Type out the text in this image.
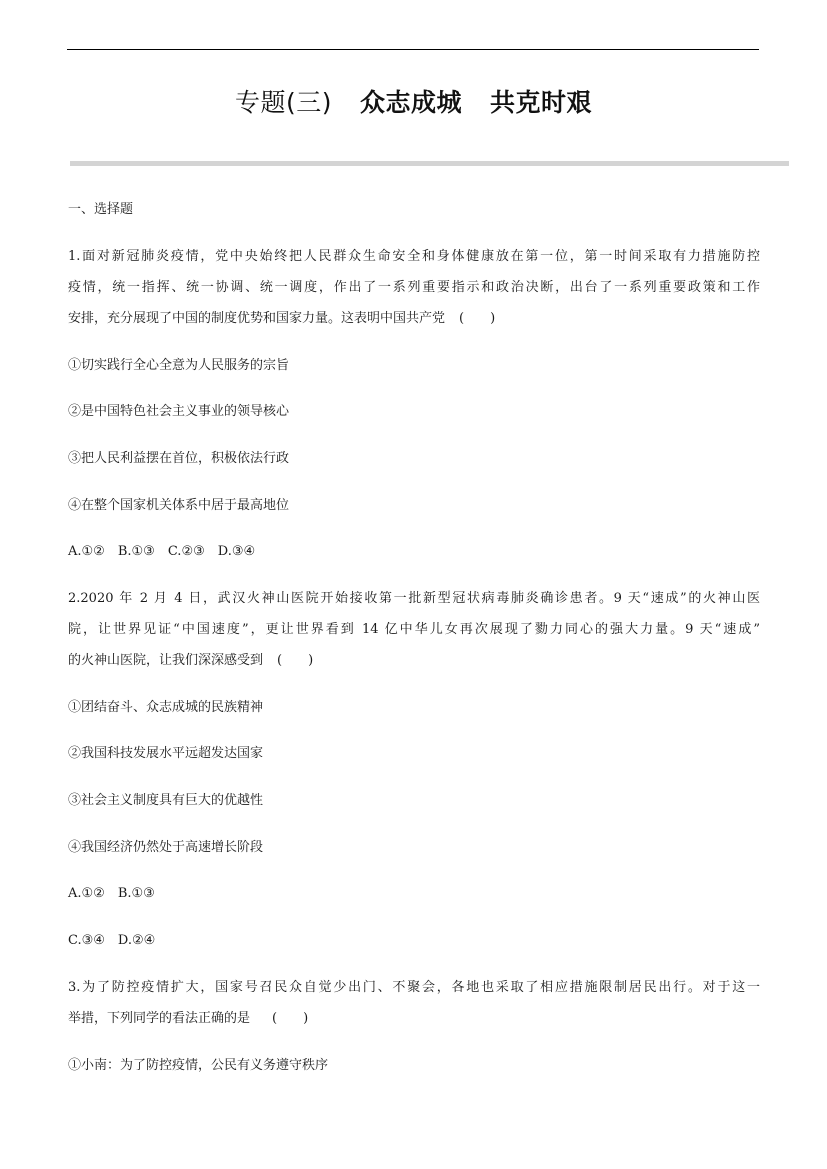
专题(三) 众志成城 共克时艰
一、选择题
1.面对新冠肺炎疫情，党中央始终把人民群众生命安全和身体健康放在第一位，第一时间采取有力措施防控
疫情，统一指挥、统一协调、统一调度，作出了一系列重要指示和政治决断，出台了一系列重要政策和工作
安排，充分展现了中国的制度优势和国家力量。这表明中国共产党 (　　)
①切实践行全心全意为人民服务的宗旨
②是中国特色社会主义事业的领导核心
③把人民利益摆在首位，积极依法行政
④在整个国家机关体系中居于最高地位
A.①②　B.①③　C.②③　D.③④
2.2020 年 2 月 4 日，武汉火神山医院开始接收第一批新型冠状病毒肺炎确诊患者。9 天“速成”的火神山医
院，让世界见证“中国速度”，更让世界看到 14 亿中华儿女再次展现了勠力同心的强大力量。9 天“速成”
的火神山医院，让我们深深感受到 (　　)
①团结奋斗、众志成城的民族精神
②我国科技发展水平远超发达国家
③社会主义制度具有巨大的优越性
④我国经济仍然处于高速增长阶段
A.①②　B.①③
C.③④　D.②④
3.为了防控疫情扩大，国家号召民众自觉少出门、不聚会，各地也采取了相应措施限制居民出行。对于这一
举措，下列同学的看法正确的是 (　　)
①小南：为了防控疫情，公民有义务遵守秩序
